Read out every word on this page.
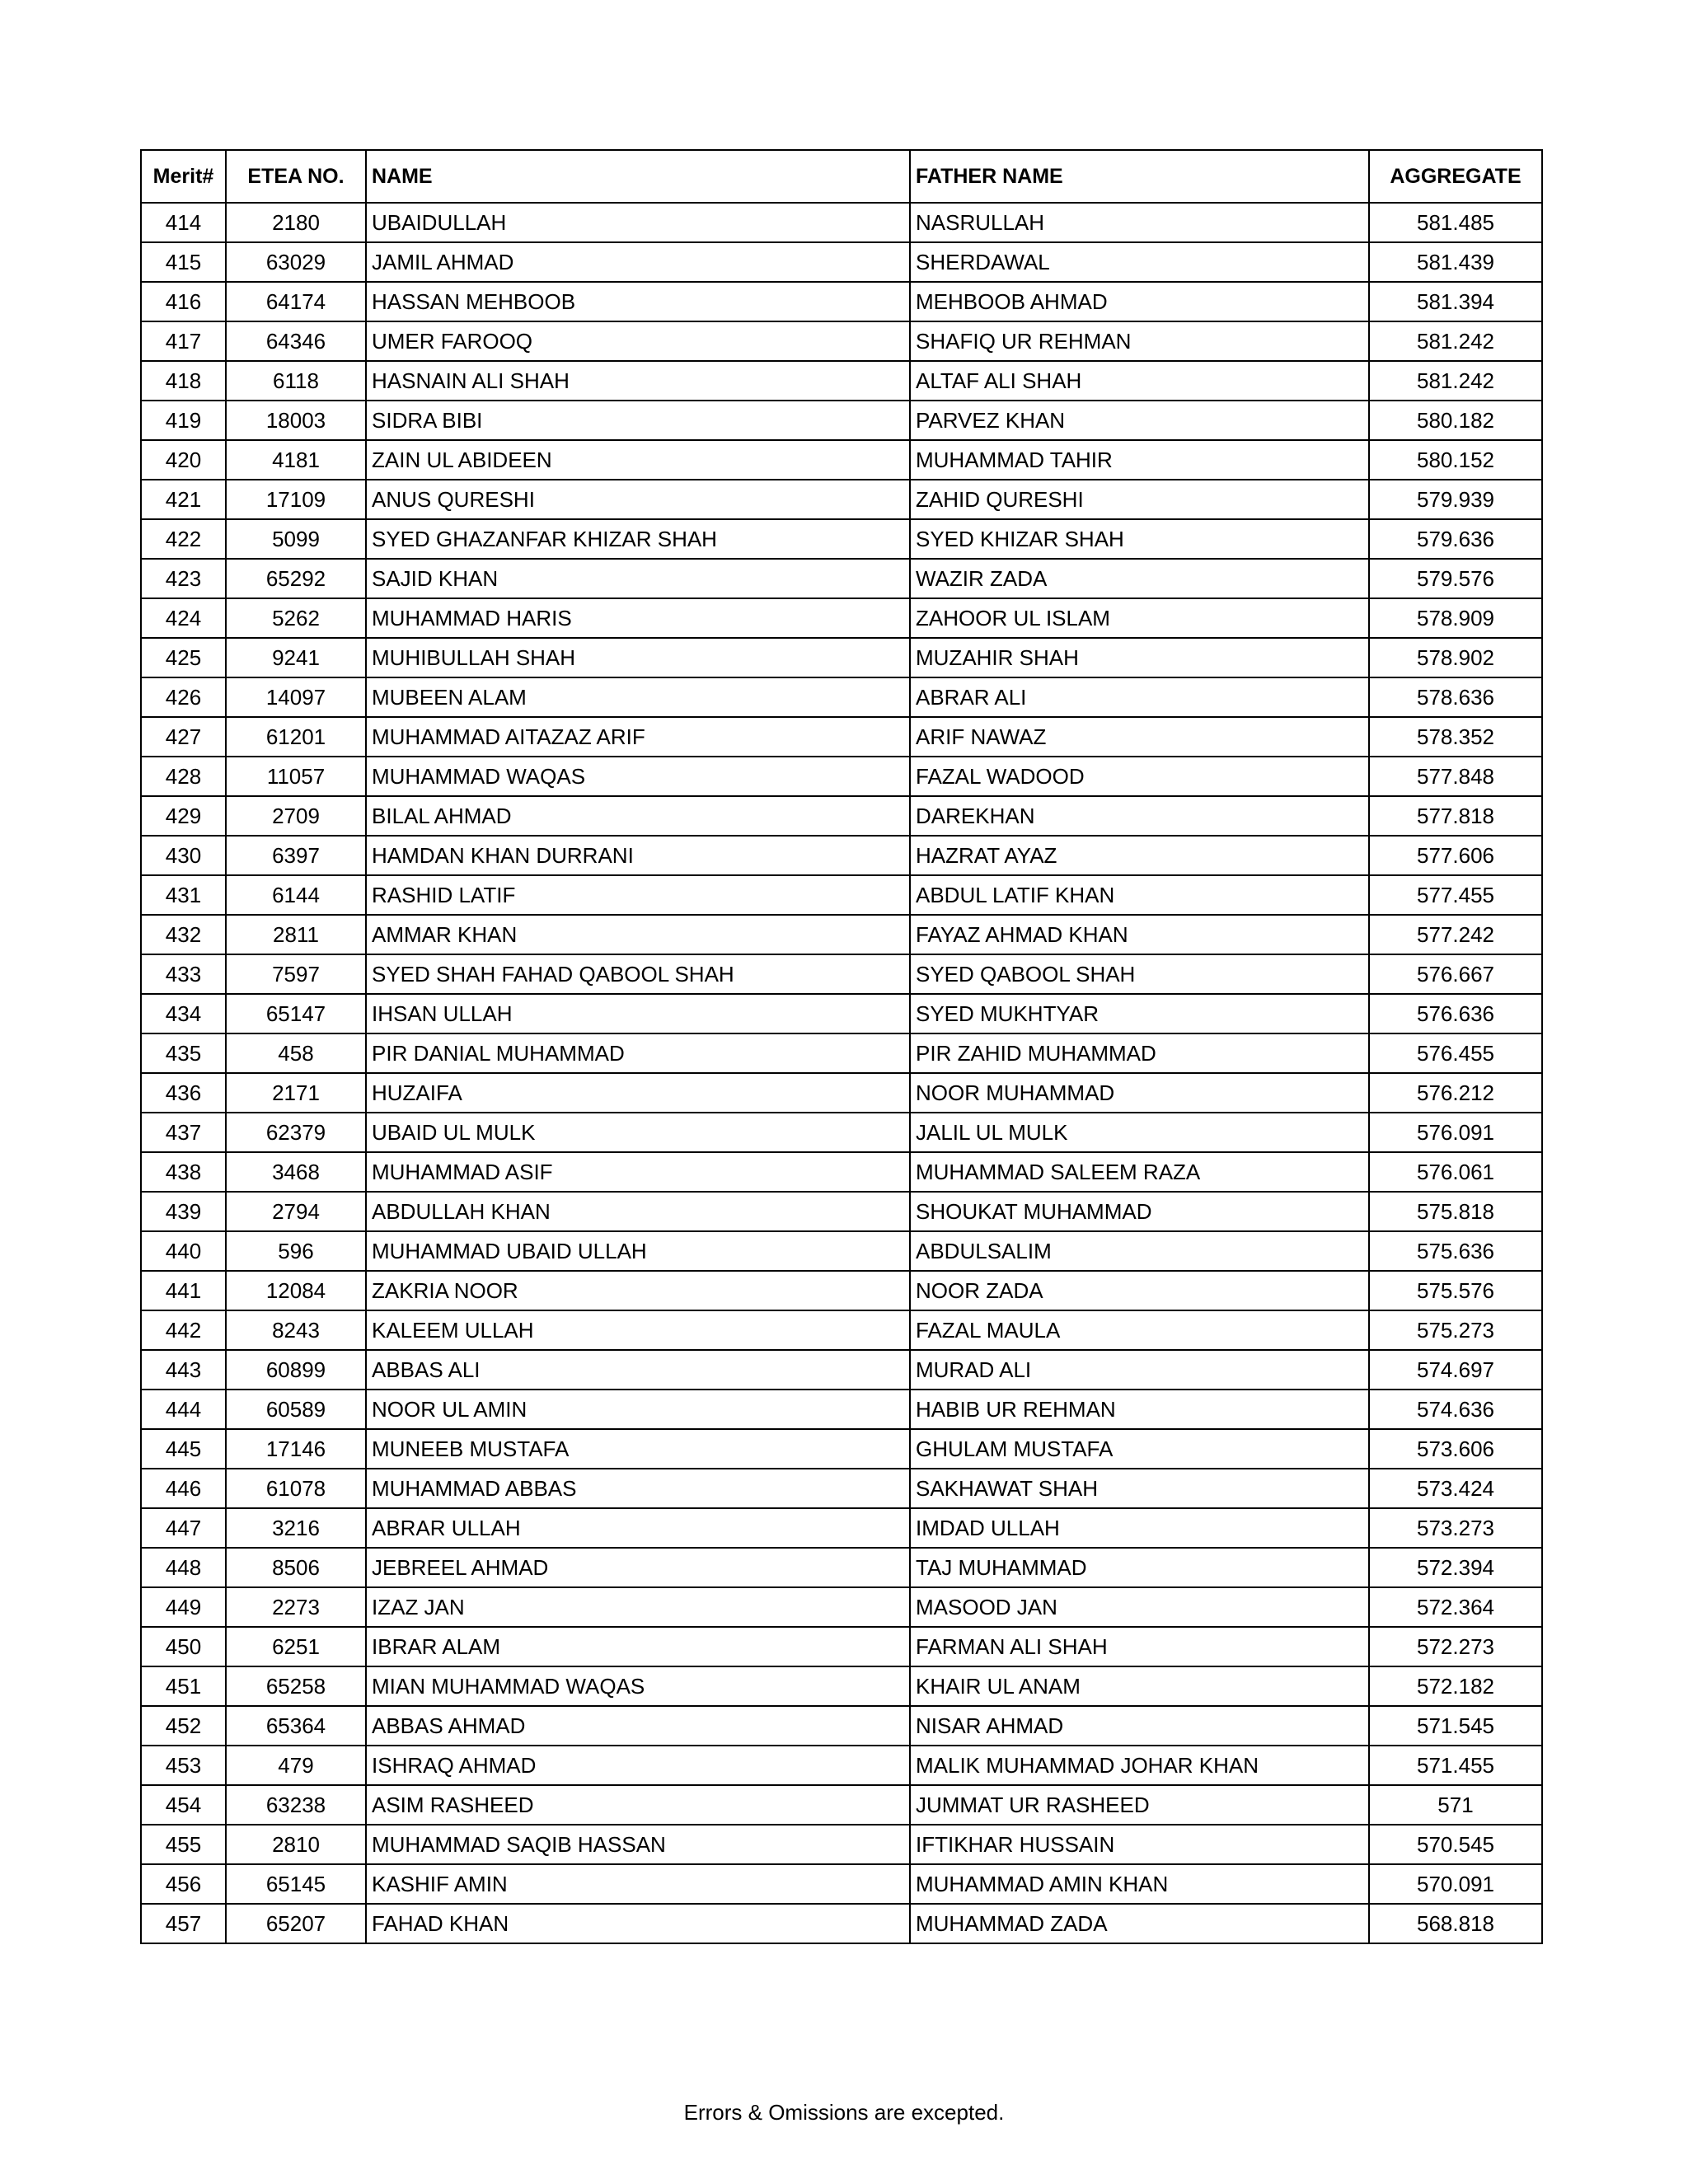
Merit#	ETEA NO.	NAME	FATHER NAME	AGGREGATE
414	2180	UBAIDULLAH	NASRULLAH	581.485
415	63029	JAMIL AHMAD	SHERDAWAL	581.439
416	64174	HASSAN MEHBOOB	MEHBOOB AHMAD	581.394
417	64346	UMER FAROOQ	SHAFIQ UR REHMAN	581.242
418	6118	HASNAIN ALI SHAH	ALTAF ALI SHAH	581.242
419	18003	SIDRA BIBI	PARVEZ KHAN	580.182
420	4181	ZAIN UL ABIDEEN	MUHAMMAD TAHIR	580.152
421	17109	ANUS QURESHI	ZAHID QURESHI	579.939
422	5099	SYED GHAZANFAR KHIZAR SHAH	SYED KHIZAR SHAH	579.636
423	65292	SAJID KHAN	WAZIR ZADA	579.576
424	5262	MUHAMMAD HARIS	ZAHOOR UL ISLAM	578.909
425	9241	MUHIBULLAH SHAH	MUZAHIR SHAH	578.902
426	14097	MUBEEN ALAM	ABRAR ALI	578.636
427	61201	MUHAMMAD AITAZAZ ARIF	ARIF NAWAZ	578.352
428	11057	MUHAMMAD WAQAS	FAZAL WADOOD	577.848
429	2709	BILAL AHMAD	DAREKHAN	577.818
430	6397	HAMDAN KHAN DURRANI	HAZRAT AYAZ	577.606
431	6144	RASHID LATIF	ABDUL LATIF KHAN	577.455
432	2811	AMMAR KHAN	FAYAZ AHMAD KHAN	577.242
433	7597	SYED SHAH FAHAD QABOOL SHAH	SYED QABOOL SHAH	576.667
434	65147	IHSAN ULLAH	SYED MUKHTYAR	576.636
435	458	PIR DANIAL MUHAMMAD	PIR ZAHID MUHAMMAD	576.455
436	2171	HUZAIFA	NOOR MUHAMMAD	576.212
437	62379	UBAID UL MULK	JALIL UL MULK	576.091
438	3468	MUHAMMAD ASIF	MUHAMMAD SALEEM RAZA	576.061
439	2794	ABDULLAH KHAN	SHOUKAT MUHAMMAD	575.818
440	596	MUHAMMAD UBAID ULLAH	ABDULSALIM	575.636
441	12084	ZAKRIA NOOR	NOOR ZADA	575.576
442	8243	KALEEM ULLAH	FAZAL MAULA	575.273
443	60899	ABBAS ALI	MURAD ALI	574.697
444	60589	NOOR UL AMIN	HABIB UR REHMAN	574.636
445	17146	MUNEEB MUSTAFA	GHULAM MUSTAFA	573.606
446	61078	MUHAMMAD ABBAS	SAKHAWAT SHAH	573.424
447	3216	ABRAR ULLAH	IMDAD ULLAH	573.273
448	8506	JEBREEL AHMAD	TAJ MUHAMMAD	572.394
449	2273	IZAZ JAN	MASOOD JAN	572.364
450	6251	IBRAR ALAM	FARMAN ALI SHAH	572.273
451	65258	MIAN MUHAMMAD WAQAS	KHAIR UL ANAM	572.182
452	65364	ABBAS AHMAD	NISAR AHMAD	571.545
453	479	ISHRAQ AHMAD	MALIK MUHAMMAD JOHAR KHAN	571.455
454	63238	ASIM RASHEED	JUMMAT UR RASHEED	571
455	2810	MUHAMMAD SAQIB HASSAN	IFTIKHAR HUSSAIN	570.545
456	65145	KASHIF AMIN	MUHAMMAD AMIN KHAN	570.091
457	65207	FAHAD KHAN	MUHAMMAD ZADA	568.818
Errors & Omissions are excepted.
